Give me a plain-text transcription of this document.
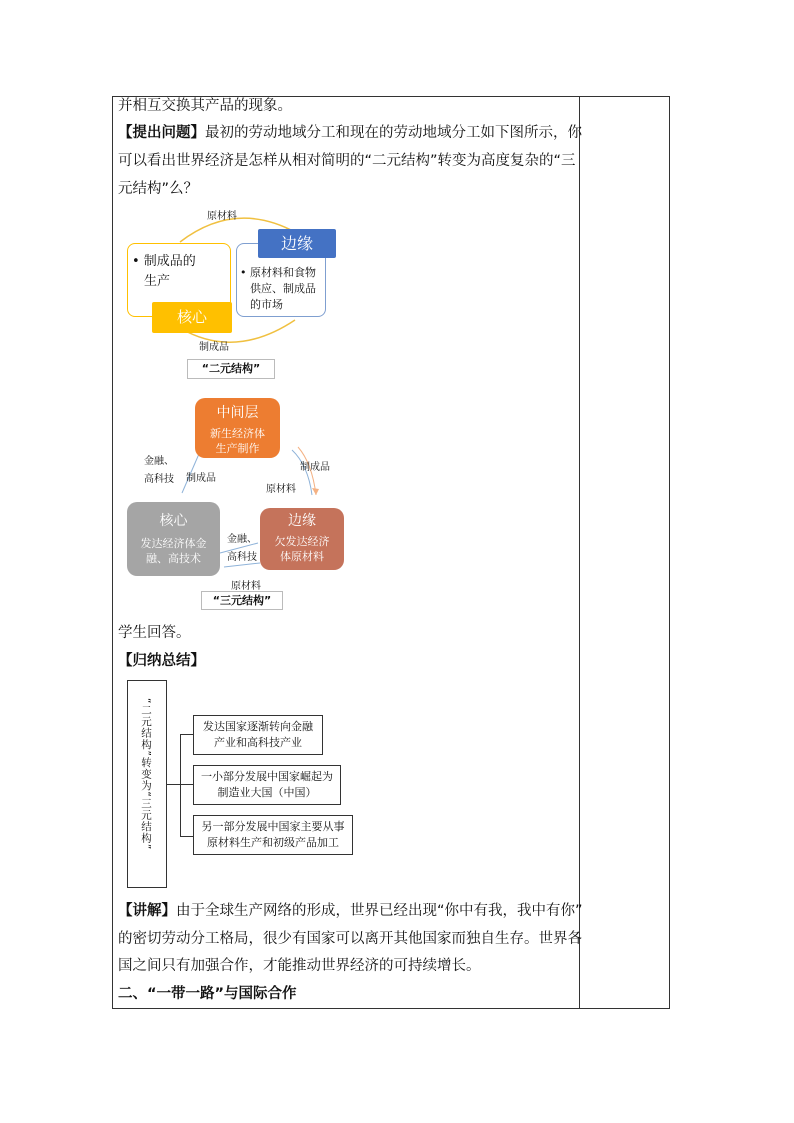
并相互交换其产品的现象。
【提出问题】最初的劳动地域分工和现在的劳动地域分工如下图所示，你
可以看出世界经济是怎样从相对简明的“二元结构”转变为高度复杂的“三
元结构”么？
原材料
制成品
• 制成品的
生产
核心
边缘
• 原材料和食物
供应、制成品
的市场
“二元结构”
中间层
新生经济体
生产制作
核心
发达经济体金
融、高技术
边缘
欠发达经济
体原材料
金融、
高科技 制成品
制成品
原材料
金融、
高科技
原材料
“三元结构”
学生回答。
【归纳总结】
“二元结构”转变为“三元结构”	发达国家逐渐转向金融
产业和高科技产业
一小部分发展中国家崛起为
制造业大国（中国）
另一部分发展中国家主要从事
原材料生产和初级产品加工
【讲解】由于全球生产网络的形成，世界已经出现“你中有我，我中有你”
的密切劳动分工格局，很少有国家可以离开其他国家而独自生存。世界各
国之间只有加强合作，才能推动世界经济的可持续增长。
二、“一带一路”与国际合作
